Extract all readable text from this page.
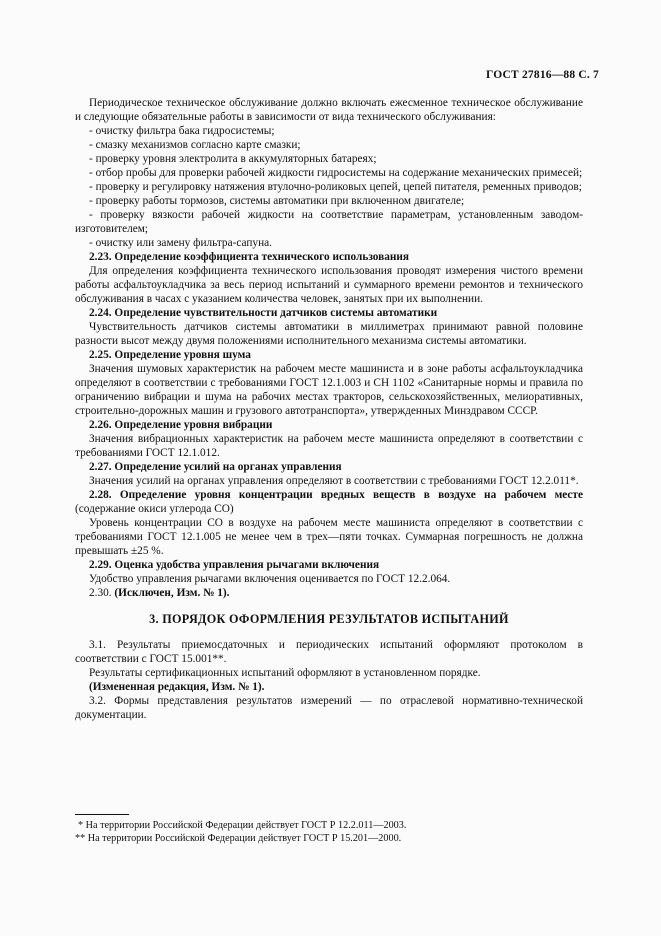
ГОСТ 27816—88 С. 7

Периодическое техническое обслуживание должно включать ежесменное техническое обслуживание и следующие обязательные работы в зависимости от вида технического обслуживания:

- очистку фильтра бака гидросистемы;

- смазку механизмов согласно карте смазки;

- проверку уровня электролита в аккумуляторных батареях;

- отбор пробы для проверки рабочей жидкости гидросистемы на содержание механических примесей;

- проверку и регулировку натяжения втулочно-роликовых цепей, цепей питателя, ременных приводов;

- проверку работы тормозов, системы автоматики при включенном двигателе;

- проверку вязкости рабочей жидкости на соответствие параметрам, установленным заводом-изготовителем;

- очистку или замену фильтра-сапуна.

2.23. Определение коэффициента технического использования

Для определения коэффициента технического использования проводят измерения чистого времени работы асфальтоукладчика за весь период испытаний и суммарного времени ремонтов и технического обслуживания в часах с указанием количества человек, занятых при их выполнении.

2.24. Определение чувствительности датчиков системы автоматики

Чувствительность датчиков системы автоматики в миллиметрах принимают равной половине разности высот между двумя положениями исполнительного механизма системы автоматики.

2.25. Определение уровня шума

Значения шумовых характеристик на рабочем месте машиниста и в зоне работы асфальтоукладчика определяют в соответствии с требованиями ГОСТ 12.1.003 и СН 1102 «Санитарные нормы и правила по ограничению вибрации и шума на рабочих местах тракторов, сельскохозяйственных, мелиоративных, строительно-дорожных машин и грузового автотранспорта», утвержденных Минздравом СССР.

2.26. Определение уровня вибрации

Значения вибрационных характеристик на рабочем месте машиниста определяют в соответствии с требованиями ГОСТ 12.1.012.

2.27. Определение усилий на органах управления

Значения усилий на органах управления определяют в соответствии с требованиями ГОСТ 12.2.011*.

2.28. Определение уровня концентрации вредных веществ в воздухе на рабочем месте (содержание окиси углерода СО)

Уровень концентрации СО в воздухе на рабочем месте машиниста определяют в соответствии с требованиями ГОСТ 12.1.005 не менее чем в трех—пяти точках. Суммарная погрешность не должна превышать ±25 %.

2.29. Оценка удобства управления рычагами включения

Удобство управления рычагами включения оценивается по ГОСТ 12.2.064.

2.30. (Исключен, Изм. № 1).

3. ПОРЯДОК ОФОРМЛЕНИЯ РЕЗУЛЬТАТОВ ИСПЫТАНИЙ

3.1. Результаты приемосдаточных и периодических испытаний оформляют протоколом в соответствии с ГОСТ 15.001**.

Результаты сертификационных испытаний оформляют в установленном порядке.

(Измененная редакция, Изм. № 1).

3.2. Формы представления результатов измерений — по отраслевой нормативно-технической документации.

* На территории Российской Федерации действует ГОСТ Р 12.2.011—2003.

** На территории Российской Федерации действует ГОСТ Р 15.201—2000.
